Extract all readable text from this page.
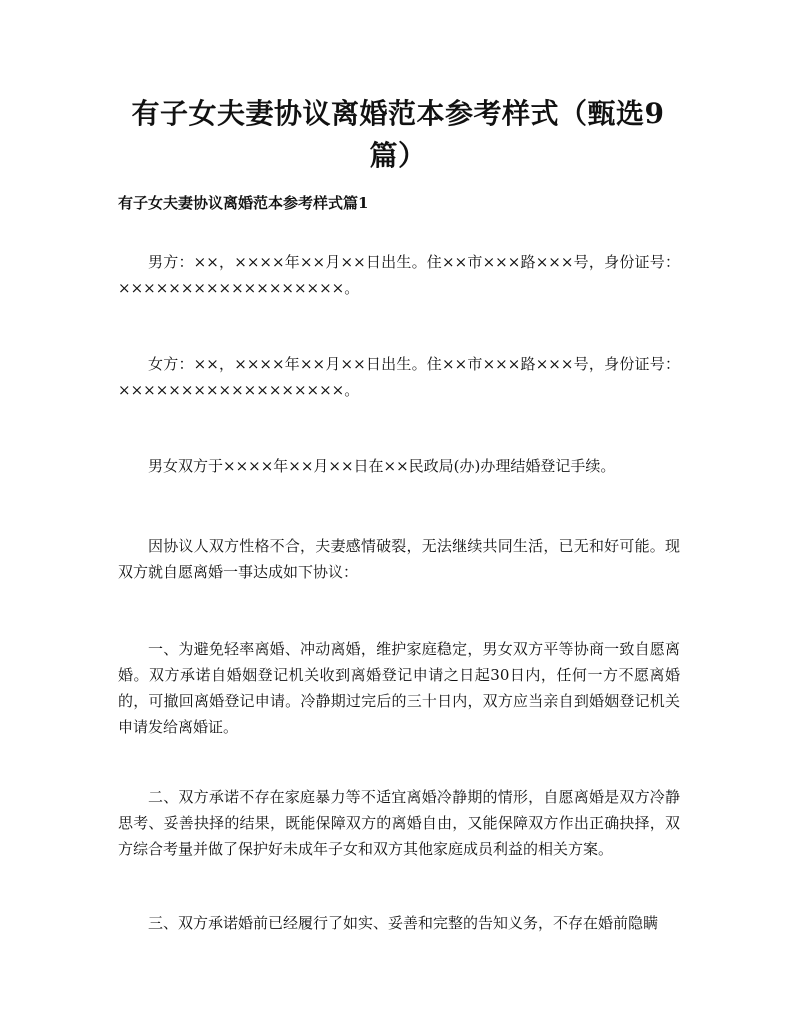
有子女夫妻协议离婚范本参考样式（甄选9篇）
有子女夫妻协议离婚范本参考样式篇1

男方：××，××××年××月××日出生。住××市×××路×××号，身份证号：××××××××××××××××××。

女方：××，××××年××月××日出生。住××市×××路×××号，身份证号：××××××××××××××××××。

男女双方于××××年××月××日在××民政局(办)办理结婚登记手续。

因协议人双方性格不合，夫妻感情破裂，无法继续共同生活，已无和好可能。现双方就自愿离婚一事达成如下协议：

一、为避免轻率离婚、冲动离婚，维护家庭稳定，男女双方平等协商一致自愿离婚。双方承诺自婚姻登记机关收到离婚登记申请之日起30日内，任何一方不愿离婚的，可撤回离婚登记申请。冷静期过完后的三十日内，双方应当亲自到婚姻登记机关申请发给离婚证。

二、双方承诺不存在家庭暴力等不适宜离婚冷静期的情形，自愿离婚是双方冷静思考、妥善抉择的结果，既能保障双方的离婚自由，又能保障双方作出正确抉择，双方综合考量并做了保护好未成年子女和双方其他家庭成员利益的相关方案。

三、双方承诺婚前已经履行了如实、妥善和完整的告知义务，不存在婚前隐瞒
